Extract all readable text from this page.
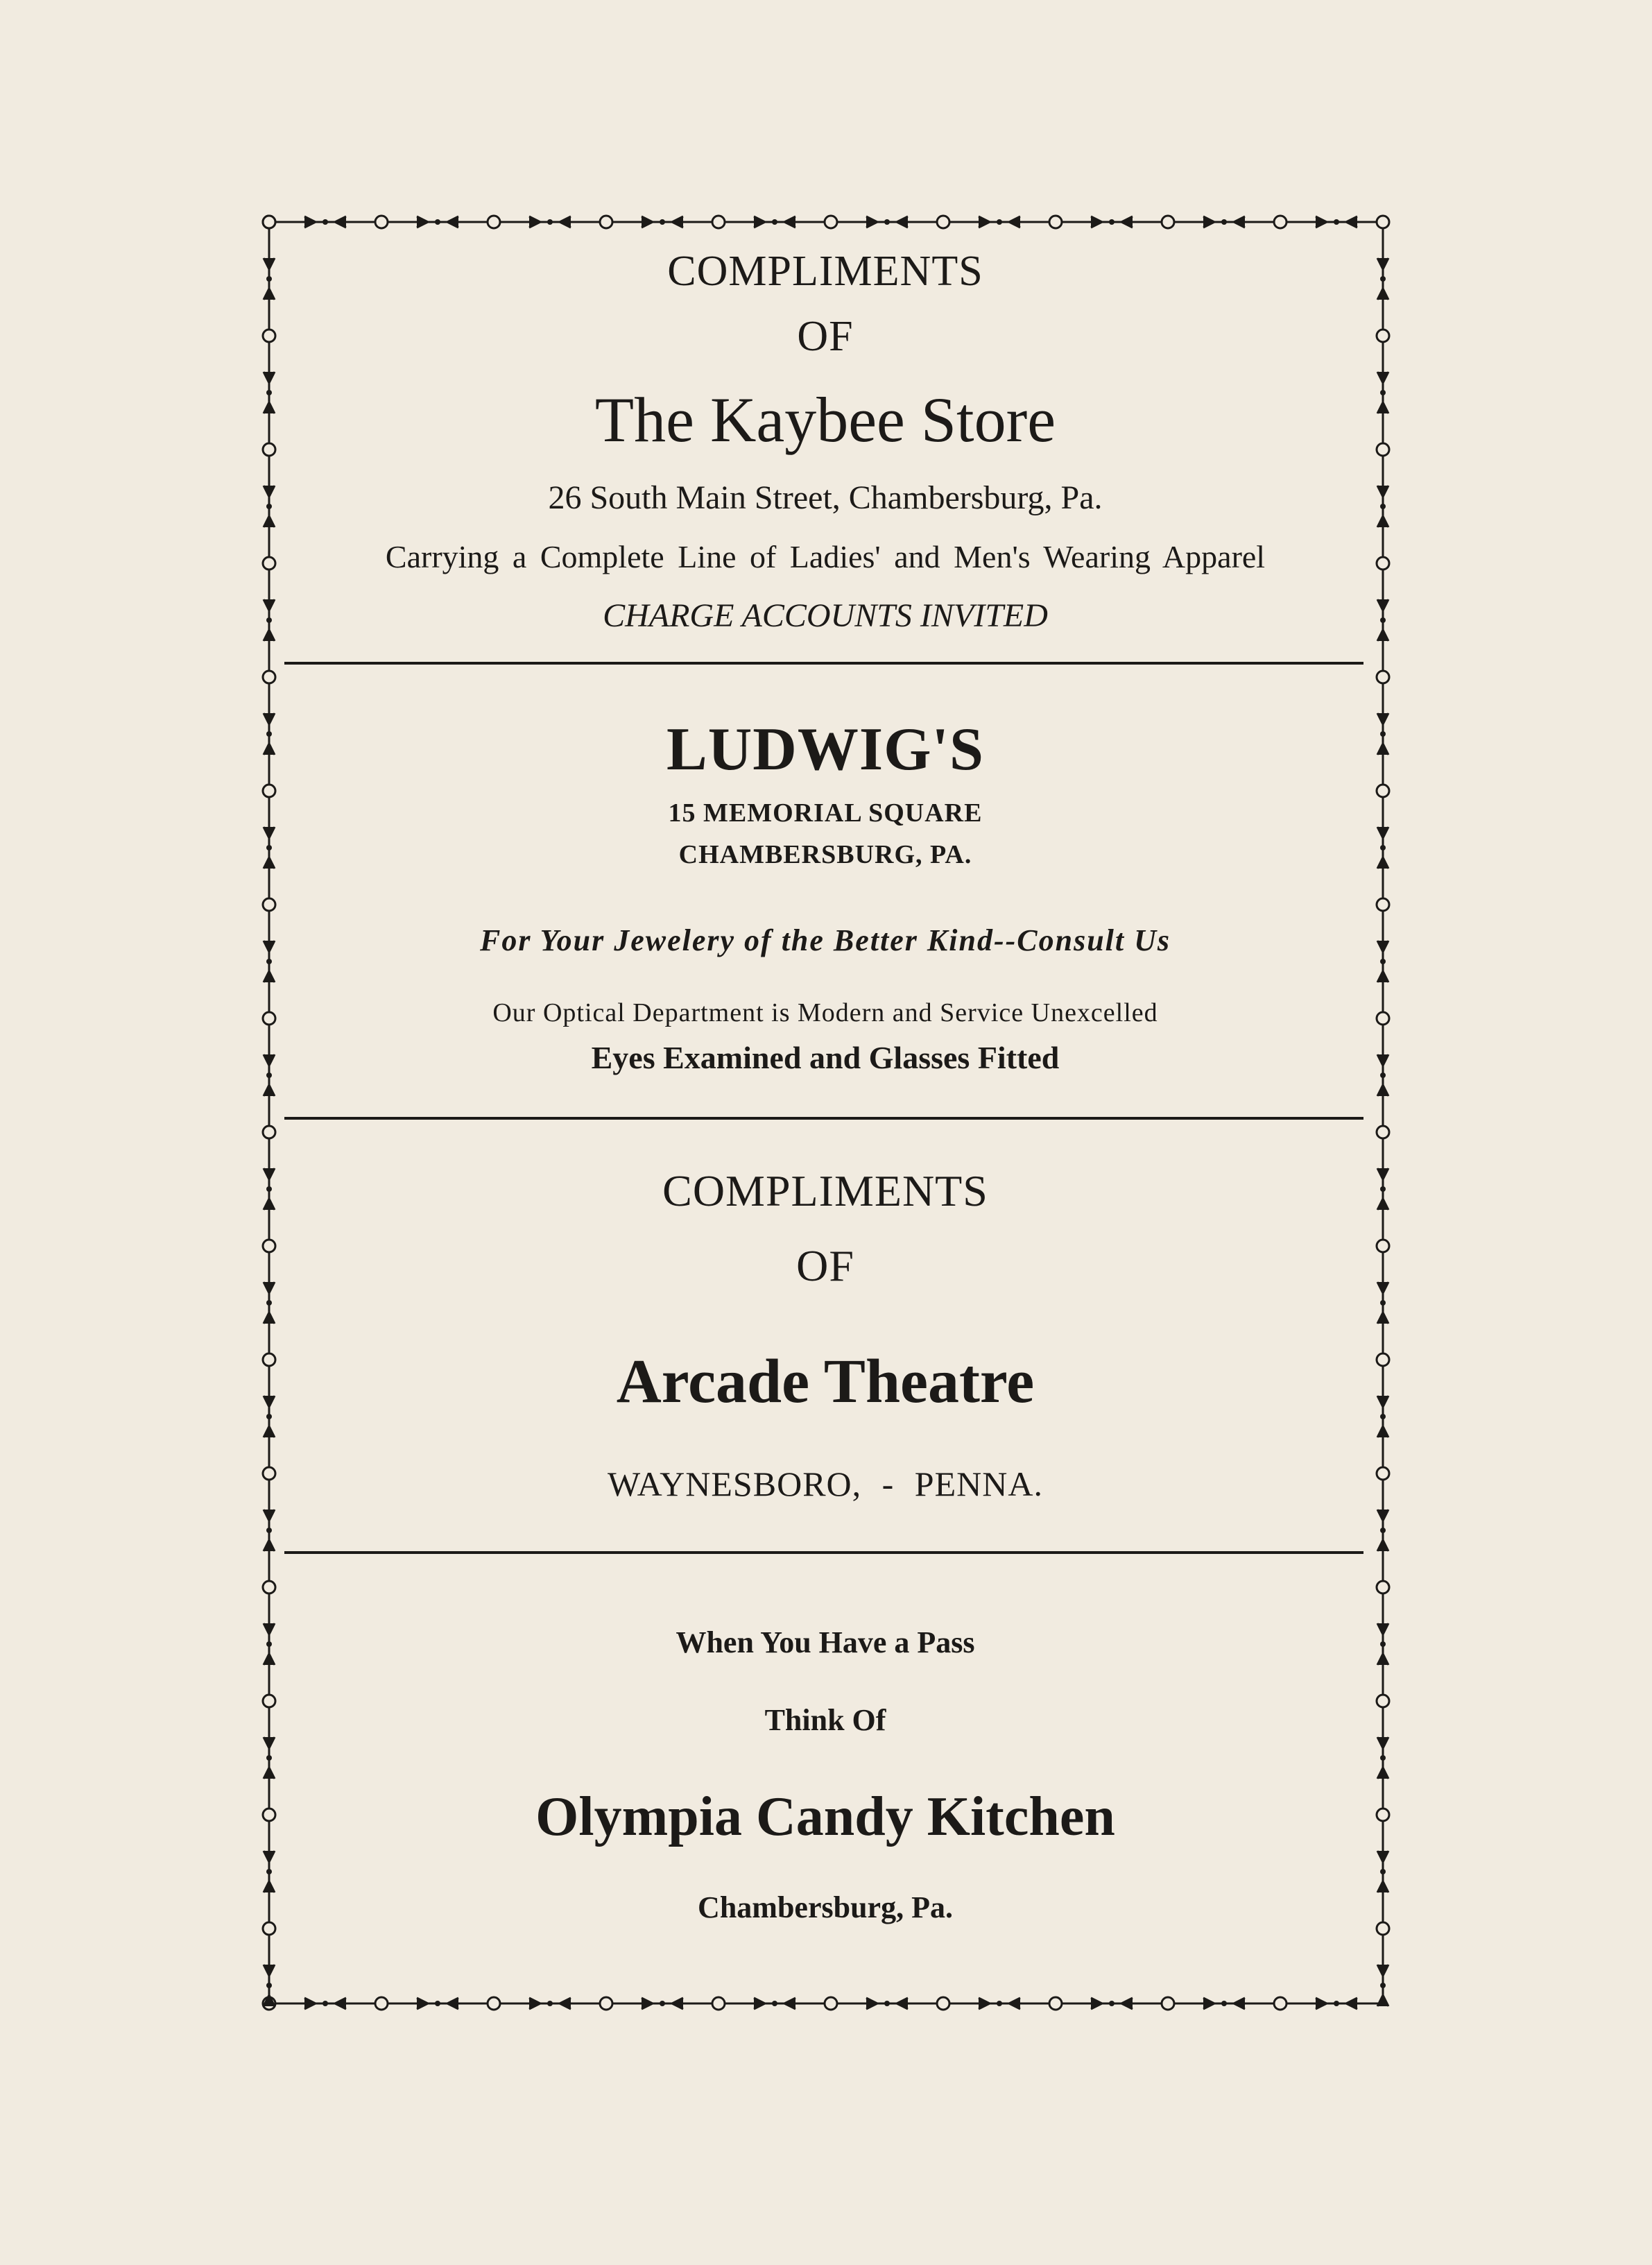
COMPLIMENTS
OF
The Kaybee Store
26 South Main Street, Chambersburg, Pa.
Carrying a Complete Line of Ladies' and Men's Wearing Apparel
CHARGE ACCOUNTS INVITED
LUDWIG'S
15 MEMORIAL SQUARE
CHAMBERSBURG, PA.
For Your Jewelery of the Better Kind--Consult Us
Our Optical Department is Modern and Service Unexcelled
Eyes Examined and Glasses Fitted
COMPLIMENTS
OF
Arcade Theatre
WAYNESBORO, - PENNA.
When You Have a Pass
Think Of
Olympia Candy Kitchen
Chambersburg, Pa.
